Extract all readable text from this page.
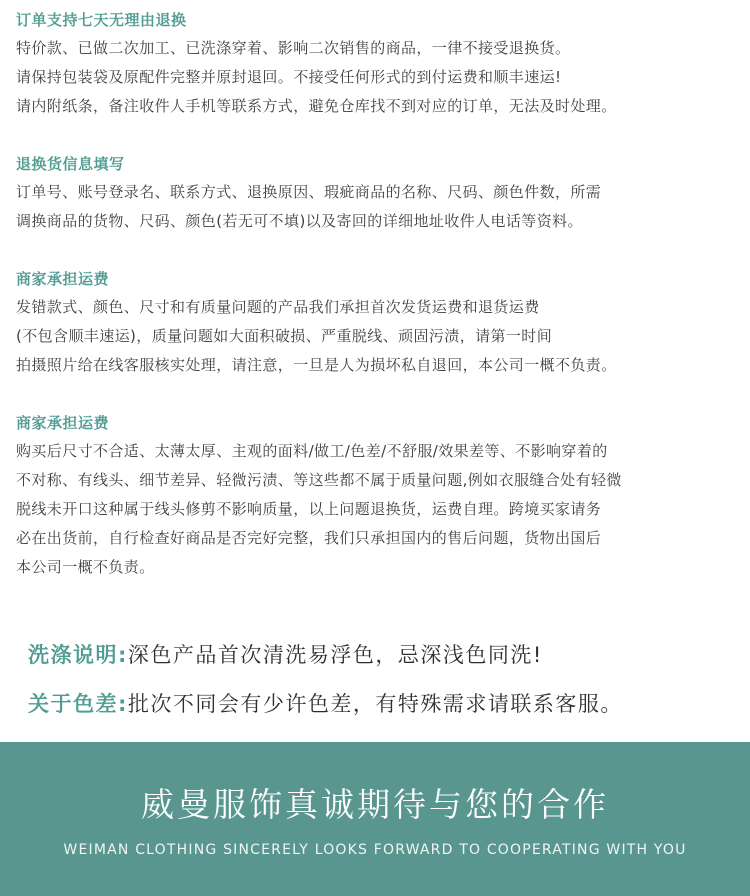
订单支持七天无理由退换
特价款、已做二次加工、已洗涤穿着、影响二次销售的商品，一律不接受退换货。
请保持包装袋及原配件完整并原封退回。不接受任何形式的到付运费和顺丰速运!
请内附纸条，备注收件人手机等联系方式，避免仓库找不到对应的订单，无法及时处理。
退换货信息填写
订单号、账号登录名、联系方式、退换原因、瑕疵商品的名称、尺码、颜色件数，所需
调换商品的货物、尺码、颜色(若无可不填)以及寄回的详细地址收件人电话等资料。
商家承担运费
发错款式、颜色、尺寸和有质量问题的产品我们承担首次发货运费和退货运费
(不包含顺丰速运)，质量问题如大面积破损、严重脱线、顽固污渍，请第一时间
拍摄照片给在线客服核实处理，请注意，一旦是人为损坏私自退回，本公司一概不负责。
商家承担运费
购买后尺寸不合适、太薄太厚、主观的面料/做工/色差/不舒服/效果差等、不影响穿着的
不对称、有线头、细节差异、轻微污渍、等这些都不属于质量问题,例如衣服缝合处有轻微
脱线未开口这种属于线头修剪不影响质量，以上问题退换货，运费自理。跨境买家请务
必在出货前，自行检查好商品是否完好完整，我们只承担国内的售后问题，货物出国后
本公司一概不负责。
洗涤说明:深色产品首次清洗易浮色，忌深浅色同洗!
关于色差:批次不同会有少许色差，有特殊需求请联系客服。
威曼服饰真诚期待与您的合作
WEIMAN CLOTHING SINCERELY LOOKS FORWARD TO COOPERATING WITH YOU
